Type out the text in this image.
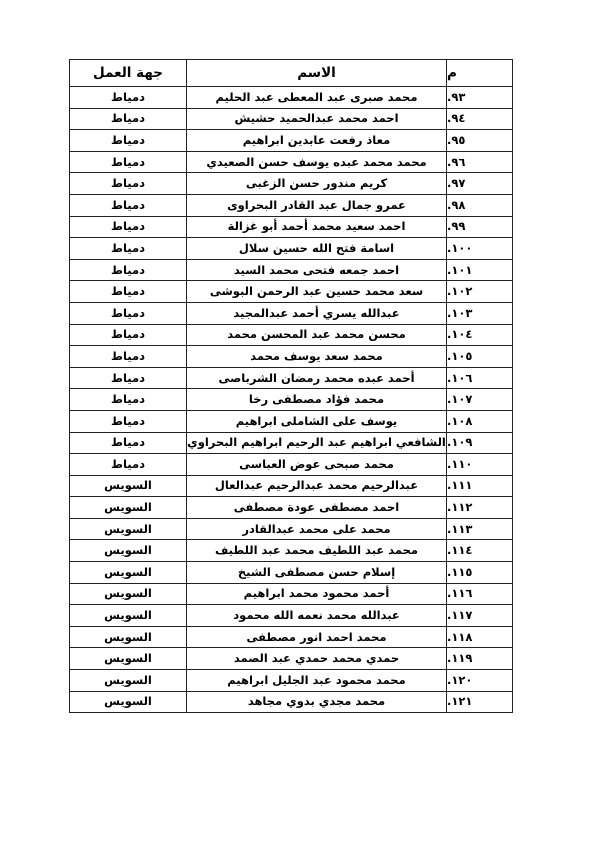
م	الاسم	جهة العمل
٩٣.	محمد صبرى عبد المعطى عبد الحليم	دمياط
٩٤.	احمد محمد عبدالحميد حشيش	دمياط
٩٥.	معاذ رفعت عابدين ابراهيم	دمياط
٩٦.	محمد محمد عبده يوسف حسن الصعيدي	دمياط
٩٧.	كريم مندور حسن الزغبى	دمياط
٩٨.	عمرو جمال عبد القادر البحراوى	دمياط
٩٩.	احمد سعيد محمد أحمد أبو غزالة	دمياط
١٠٠.	اسامة فتح الله حسين سلال	دمياط
١٠١.	احمد جمعه فتحى محمد السيد	دمياط
١٠٢.	سعد محمد حسين عبد الرحمن البوشى	دمياط
١٠٣.	عبدالله يسري أحمد عبدالمجيد	دمياط
١٠٤.	محسن محمد عبد المحسن محمد	دمياط
١٠٥.	محمد سعد يوسف محمد	دمياط
١٠٦.	أحمد عبده محمد رمضان الشرباصى	دمياط
١٠٧.	محمد فؤاد مصطفى رخا	دمياط
١٠٨.	يوسف على الشاملى ابراهيم	دمياط
١٠٩.	الشافعي ابراهيم عبد الرحيم ابراهيم البحراوي	دمياط
١١٠.	محمد صبحى عوض العباسى	دمياط
١١١.	عبدالرحيم محمد عبدالرحيم عبدالعال	السويس
١١٢.	احمد مصطفى عودة مصطفى	السويس
١١٣.	محمد على محمد عبدالقادر	السويس
١١٤.	محمد عبد اللطيف محمد عبد اللطيف	السويس
١١٥.	إسلام حسن مصطفى الشيخ	السويس
١١٦.	أحمد محمود محمد ابراهيم	السويس
١١٧.	عبدالله محمد نعمه الله محمود	السويس
١١٨.	محمد احمد انور مصطفى	السويس
١١٩.	حمدي محمد حمدي عبد الصمد	السويس
١٢٠.	محمد محمود عبد الجليل ابراهيم	السويس
١٢١.	محمد مجدي بدوي مجاهد	السويس
